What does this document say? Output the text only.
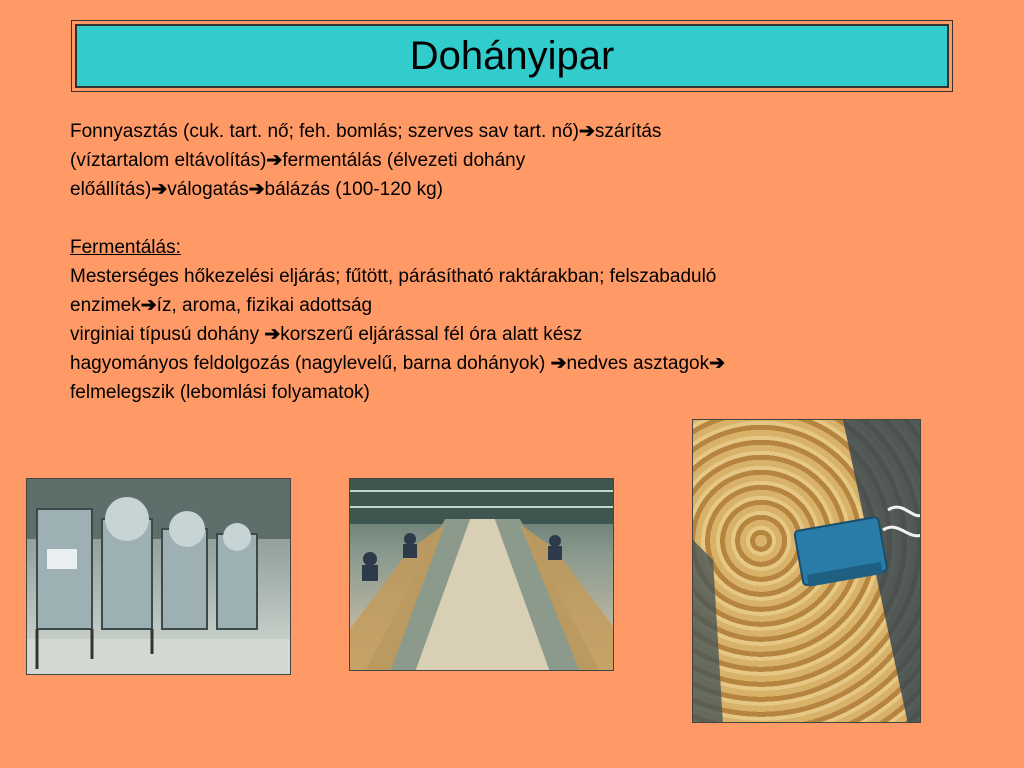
Dohányipar

Fonnyasztás (cuk. tart. nő; feh. bomlás; szerves sav tart. nő)➔szárítás

(víztartalom eltávolítás)➔fermentálás (élvezeti dohány

előállítás)➔válogatás➔bálázás (100-120 kg)

Fermentálás:

Mesterséges hőkezelési eljárás; fűtött, párásítható raktárakban; felszabaduló

enzimek➔íz, aroma, fizikai adottság

virginiai típusú dohány ➔korszerű eljárással fél óra alatt kész

hagyományos feldolgozás (nagylevelű, barna dohányok) ➔nedves asztagok➔

felmelegszik (lebomlási folyamatok)
